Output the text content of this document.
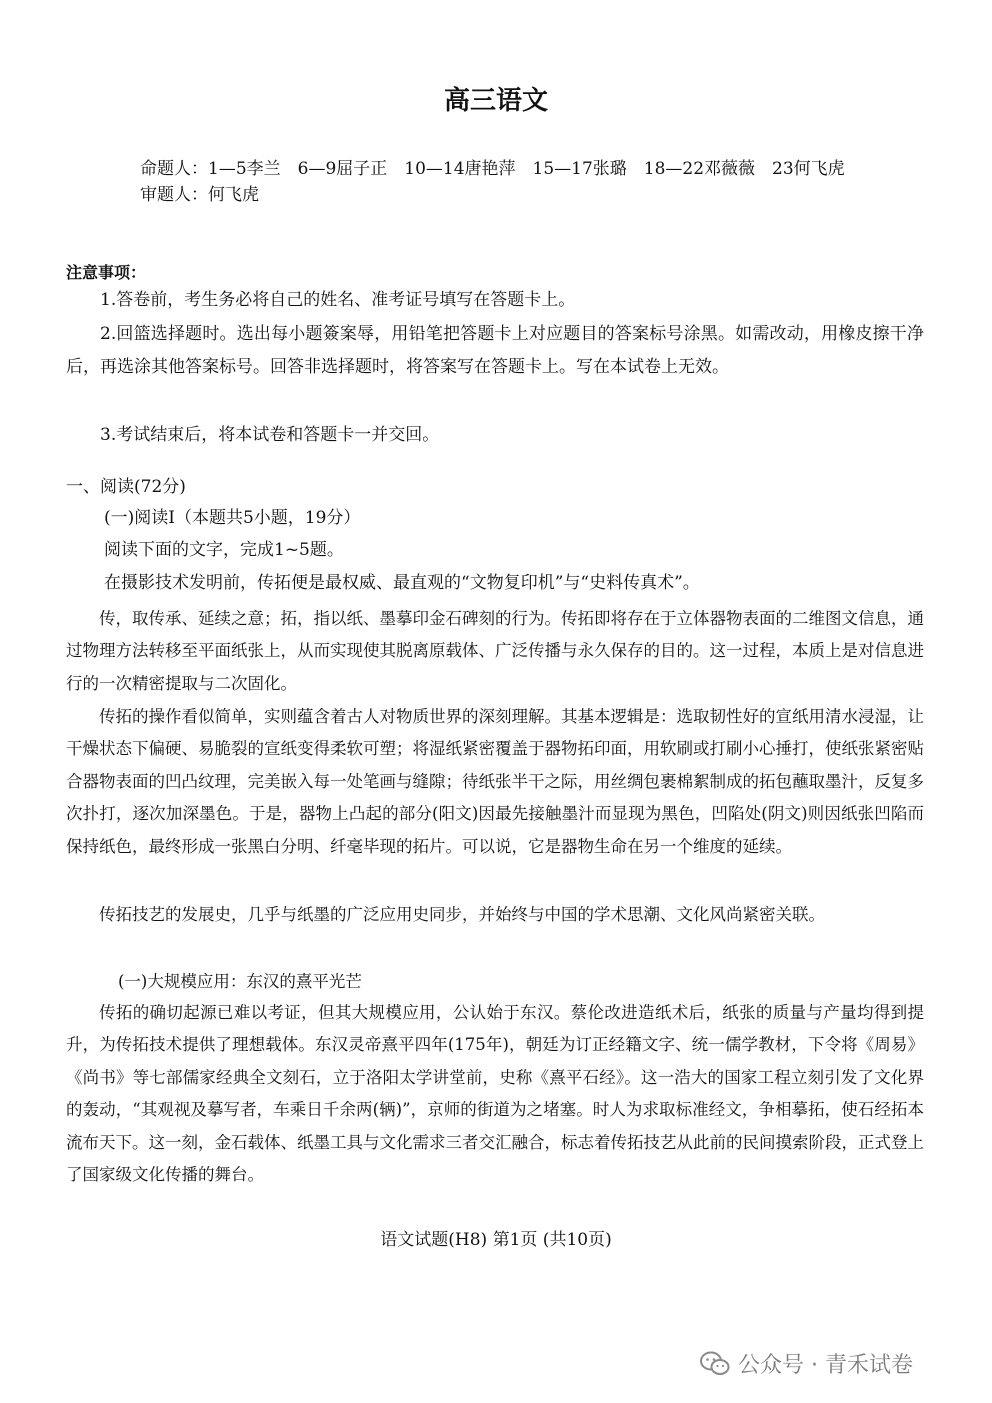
高三语文
命题人：1—5李兰　6—9屈子正　10—14唐艳萍　15—17张璐　18—22邓薇薇　23何飞虎
审题人：何飞虎
注意事项：

1.答卷前，考生务必将自己的姓名、准考证号填写在答题卡上。

2.回篮选择题时。选出每小题簽案辱，用铅笔把答题卡上对应题目的答案标号涂黑。如需改动，用橡皮擦干净后，再选涂其他答案标号。回答非选择题时，将答案写在答题卡上。写在本试卷上无效。

3.考试结束后，将本试卷和答题卡一并交回。

一、阅读(72分)

(一)阅读I（本题共5小题，19分）

阅读下面的文字，完成1~5题。

在摄影技术发明前，传拓便是最权威、最直观的“文物复印机”与“史料传真术”。

传，取传承、延续之意；拓，指以纸、墨摹印金石碑刻的行为。传拓即将存在于立体器物表面的二维图文信息，通过物理方法转移至平面纸张上，从而实现使其脱离原载体、广泛传播与永久保存的目的。这一过程，本质上是对信息进行的一次精密提取与二次固化。

传拓的操作看似简单，实则蕴含着古人对物质世界的深刻理解。其基本逻辑是：选取韧性好的宣纸用清水浸湿，让干燥状态下偏硬、易脆裂的宣纸变得柔软可塑；将湿纸紧密覆盖于器物拓印面，用软刷或打刷小心捶打，使纸张紧密贴合器物表面的凹凸纹理，完美嵌入每一处笔画与缝隙；待纸张半干之际，用丝绸包裹棉絮制成的拓包蘸取墨汁，反复多次扑打，逐次加深墨色。于是，器物上凸起的部分(阳文)因最先接触墨汁而显现为黑色，凹陷处(阴文)则因纸张凹陷而保持纸色，最终形成一张黑白分明、纤毫毕现的拓片。可以说，它是器物生命在另一个维度的延续。

传拓技艺的发展史，几乎与纸墨的广泛应用史同步，并始终与中国的学术思潮、文化风尚紧密关联。

(一)大规模应用：东汉的熹平光芒

传拓的确切起源已难以考证，但其大规模应用，公认始于东汉。蔡伦改进造纸术后，纸张的质量与产量均得到提升，为传拓技术提供了理想载体。东汉灵帝熹平四年(175年)，朝廷为订正经籍文字、统一儒学教材，下令将《周易》《尚书》等七部儒家经典全文刻石，立于洛阳太学讲堂前，史称《熹平石经》。这一浩大的国家工程立刻引发了文化界的轰动，“其观视及摹写者，车乘日千余两(辆)”，京师的街道为之堵塞。时人为求取标准经文，争相摹拓，使石经拓本流布天下。这一刻，金石载体、纸墨工具与文化需求三者交汇融合，标志着传拓技艺从此前的民间摸索阶段，正式登上了国家级文化传播的舞台。

语文试题(H8) 第1页 (共10页)
公众号 · 青禾试卷
